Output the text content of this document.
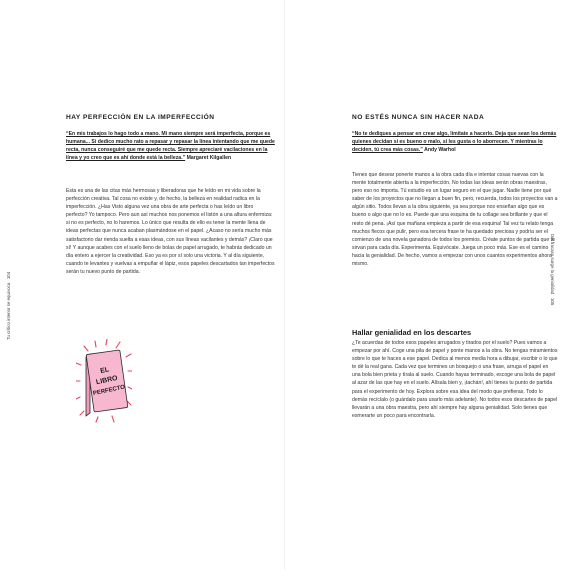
Tu crítico interior se equivoca   104
HAY PERFECCIÓN EN LA IMPERFECCIÓN
“En mis trabajos lo hago todo a mano. Mi mano siempre será imperfecta, porque es humana... Si dedico mucho rato a repasar y repasar la línea intentando que me quede recta, nunca conseguiré que me quede recta. Siempre apreciaré vacilaciones en la línea y yo creo que es ahí donde está la belleza.” Margaret Kilgallen
Esta es una de las citas más hermosas y liberadoras que he leído en mi vida sobre la perfección creativa. Tal cosa no existe y, de hecho, la belleza en realidad radica en la imperfección. ¿Has Visto alguna vez una obra de arte perfecta o has leído un libro perfecto? Yo tampoco. Pero aun así muchos nos ponemos el listón a una altura enfermiza: si no es perfecto, no lo haremos. Lo único que resulta de ello es tener la mente llena de ideas perfectas que nunca acaban plasmándose en el papel. ¿Acaso no sería mucho más satisfactorio dar rienda suelta a esas ideas, con sus líneas vacilantes y demás? ¡Claro que sí! Y aunque acabes con el suelo lleno de bolas de papel arrugado, te habrás dedicado un día entero a ejercer la creatividad. Eso ya es por sí solo una victoria. Y al día siguiente, cuando te levantes y vuelvas a empuñar el lápiz, esos papeles descartados tan imperfectos serán tu nuevo punto de partida.
EL
LIBRO
PERFECTO
Del fracaso surge la genialidad   105
NO ESTÉS NUNCA SIN HACER NADA
“No te dediques a pensar en crear algo, limítate a hacerlo. Deja que sean los demás quienes decidan si es bueno o malo, si les gusta o lo aborrecen. Y mientras lo deciden, tú crea más cosas.” Andy Warhol
Tienes que desear ponerte manos a la obra cada día e intentar cosas nuevas con la mente totalmente abierta a la imperfección. No todas las ideas serán obras maestras, pero eso no importa. Tú estudio es un lugar seguro en el que jugar. Nadie tiene por qué saber de los proyectos que no llegan a buen fin, pero, recuerda, todos los proyectos van a algún sitio. Todos llevan a la obra siguiente, ya sea porque nos enseñan algo que es bueno o algo que no lo es. Puede que una esquina de tu collage sea brillante y que el resto dé pena. ¡Así que mañana empieza a partir de esa esquina! Tal vez tu relato tenga muchos flecos que pulir, pero esa tercera frase te ha quedado preciosa y podría ser el comienzo de una novela ganadora de todos los premios. Créate puntos de partida que te sirvan para cada día. Experimenta. Equivócate. Juega un poco más. Ese es el camino hacia la genialidad. De hecho, vamos a empezar con unos cuantos experimentos ahora mismo.
Hallar genialidad en los descartes
¿Te acuerdas de todos esos papeles arrugados y tirados por el suelo? Pues vamos a empezar por ahí. Coge una pila de papel y ponte manos a la obra. No tengas miramientos sobre lo que te haces a ese papel. Dedica al menos media hora a dibujar, escribir o lo que te dé la real gana. Cada vez que termines un bosquejo o una frase, arruga el papel en una bola bien prieta y tírala al suelo. Cuando hayas terminado, escoge una bola de papel al azar de las que hay en el suelo. Alísala bien y, ¡tachán!, ahí tienes tu punto de partida para el experimento de hoy. Explora sobre esa idea del modo que prefieras. Todo lo demás recíclalo (o guárdalo para usarlo más adelante). No todos esos descartes de papel llevarán a una obra maestra, pero ahí siempre hay alguna genialidad. Solo tienes que esmerarte un poco para encontrarla.
